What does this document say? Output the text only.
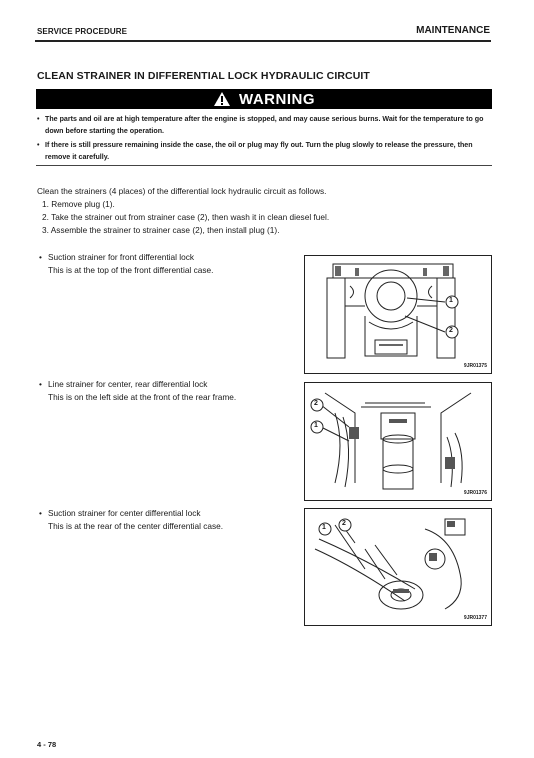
SERVICE PROCEDURE	MAINTENANCE
CLEAN STRAINER IN DIFFERENTIAL LOCK HYDRAULIC CIRCUIT
WARNING
• The parts and oil are at high temperature after the engine is stopped, and may cause serious burns. Wait for the temperature to go down before starting the operation.
• If there is still pressure remaining inside the case, the oil or plug may fly out. Turn the plug slowly to release the pressure, then remove it carefully.
Clean the strainers (4 places) of the differential lock hydraulic circuit as follows.
1. Remove plug (1).
2. Take the strainer out from strainer case (2), then wash it in clean diesel fuel.
3. Assemble the strainer to strainer case (2), then install plug (1).
• Suction strainer for front differential lock
This is at the top of the front differential case.
1
2
9JR01375
• Line strainer for center, rear differential lock
This is on the left side at the front of the rear frame.
2
1
9JR01376
• Suction strainer for center differential lock
This is at the rear of the center differential case.	1
2
9JR01377
4 - 78
